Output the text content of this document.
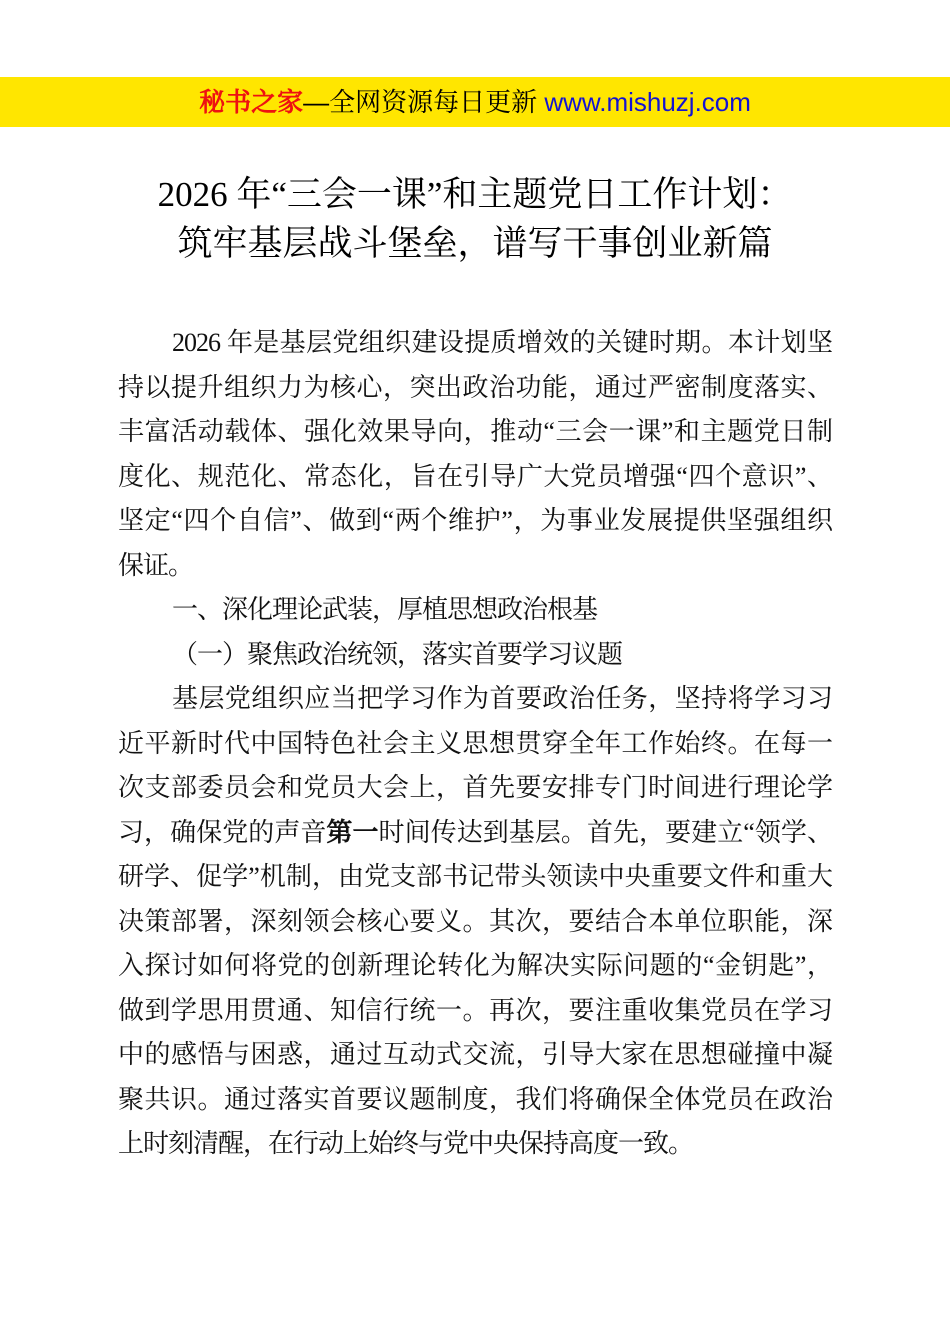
秘书之家—全网资源每日更新 www.mishuzj.com
2026 年“三会一课”和主题党日工作计划：
筑牢基层战斗堡垒，谱写干事创业新篇
2026 年是基层党组织建设提质增效的关键时期。本计划坚
持以提升组织力为核心，突出政治功能，通过严密制度落实、
丰富活动载体、强化效果导向，推动“三会一课”和主题党日制
度化、规范化、常态化，旨在引导广大党员增强“四个意识”、
坚定“四个自信”、做到“两个维护”，为事业发展提供坚强组织
保证。
一、深化理论武装，厚植思想政治根基
（一）聚焦政治统领，落实首要学习议题
基层党组织应当把学习作为首要政治任务，坚持将学习习
近平新时代中国特色社会主义思想贯穿全年工作始终。在每一
次支部委员会和党员大会上，首先要安排专门时间进行理论学
习，确保党的声音第一时间传达到基层。首先，要建立“领学、
研学、促学”机制，由党支部书记带头领读中央重要文件和重大
决策部署，深刻领会核心要义。其次，要结合本单位职能，深
入探讨如何将党的创新理论转化为解决实际问题的“金钥匙”，
做到学思用贯通、知信行统一。再次，要注重收集党员在学习
中的感悟与困惑，通过互动式交流，引导大家在思想碰撞中凝
聚共识。通过落实首要议题制度，我们将确保全体党员在政治
上时刻清醒，在行动上始终与党中央保持高度一致。
